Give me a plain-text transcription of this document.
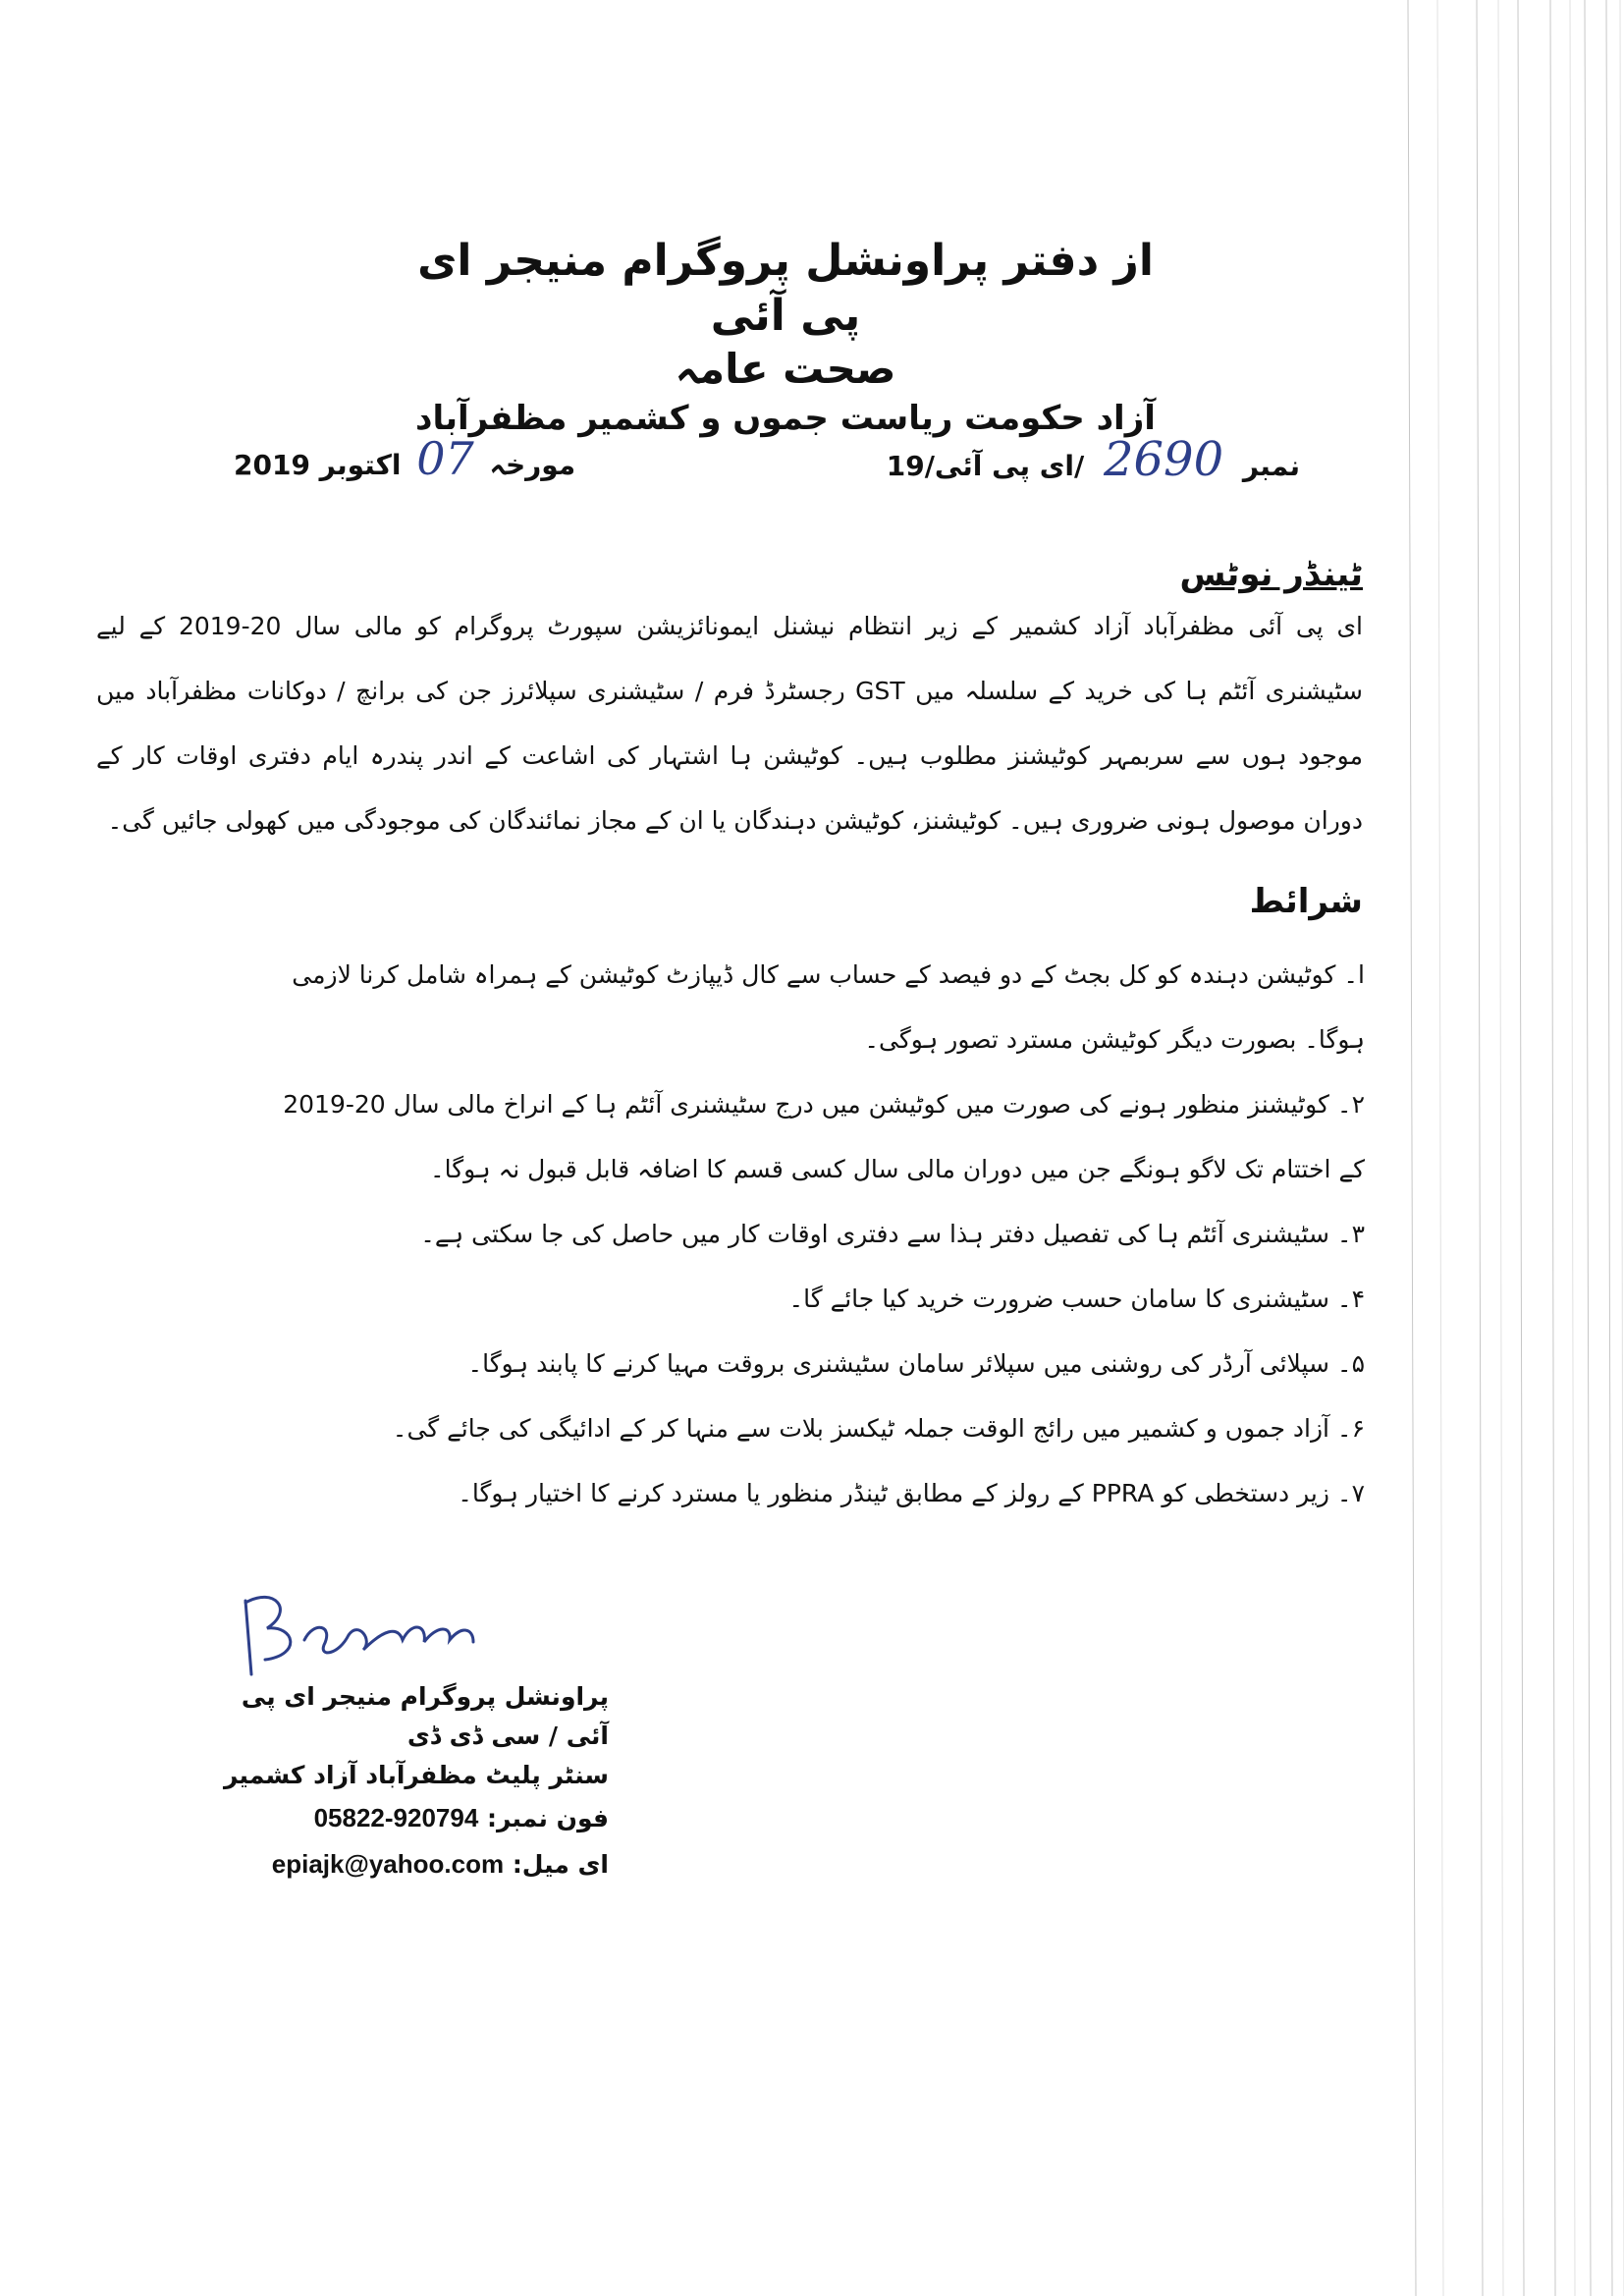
از دفتر پراونشل پروگرام منیجر ای پی آئی
صحت عامہ
آزاد حکومت ریاست جموں و کشمیر مظفرآباد
نمبر 2690 /ای پی آئی/19
مورخہ 07 اکتوبر 2019
ٹینڈر نوٹس
ای پی آئی مظفرآباد آزاد کشمیر کے زیر انتظام نیشنل ایمونائزیشن سپورٹ پروگرام کو مالی سال 20-2019 کے لیے سٹیشنری آئٹم ہا کی خرید کے سلسلہ میں GST رجسٹرڈ فرم / سٹیشنری سپلائرز جن کی برانچ / دوکانات مظفرآباد میں موجود ہوں سے سربمہر کوٹیشنز مطلوب ہیں۔ کوٹیشن ہا اشتہار کی اشاعت کے اندر پندرہ ایام دفتری اوقات کار کے دوران موصول ہونی ضروری ہیں۔ کوٹیشنز، کوٹیشن دہندگان یا ان کے مجاز نمائندگان کی موجودگی میں کھولی جائیں گی۔
شرائط
ا۔ کوٹیشن دہندہ کو کل بجٹ کے دو فیصد کے حساب سے کال ڈیپازٹ کوٹیشن کے ہمراہ شامل کرنا لازمی ہوگا۔ بصورت دیگر کوٹیشن مسترد تصور ہوگی۔
۲۔ کوٹیشنز منظور ہونے کی صورت میں کوٹیشن میں درج سٹیشنری آئٹم ہا کے انراخ مالی سال 20-2019 کے اختتام تک لاگو ہونگے جن میں دوران مالی سال کسی قسم کا اضافہ قابل قبول نہ ہوگا۔
۳۔ سٹیشنری آئٹم ہا کی تفصیل دفتر ہذا سے دفتری اوقات کار میں حاصل کی جا سکتی ہے۔
۴۔ سٹیشنری کا سامان حسب ضرورت خرید کیا جائے گا۔
۵۔ سپلائی آرڈر کی روشنی میں سپلائر سامان سٹیشنری بروقت مہیا کرنے کا پابند ہوگا۔
۶۔ آزاد جموں و کشمیر میں رائج الوقت جملہ ٹیکسز بلات سے منہا کر کے ادائیگی کی جائے گی۔
۷۔ زیر دستخطی کو PPRA کے رولز کے مطابق ٹینڈر منظور یا مسترد کرنے کا اختیار ہوگا۔
پراونشل پروگرام منیجر ای پی آئی / سی ڈی ڈی
سنٹر پلیٹ مظفرآباد آزاد کشمیر
فون نمبر: 05822-920794
ای میل: epiajk@yahoo.com
